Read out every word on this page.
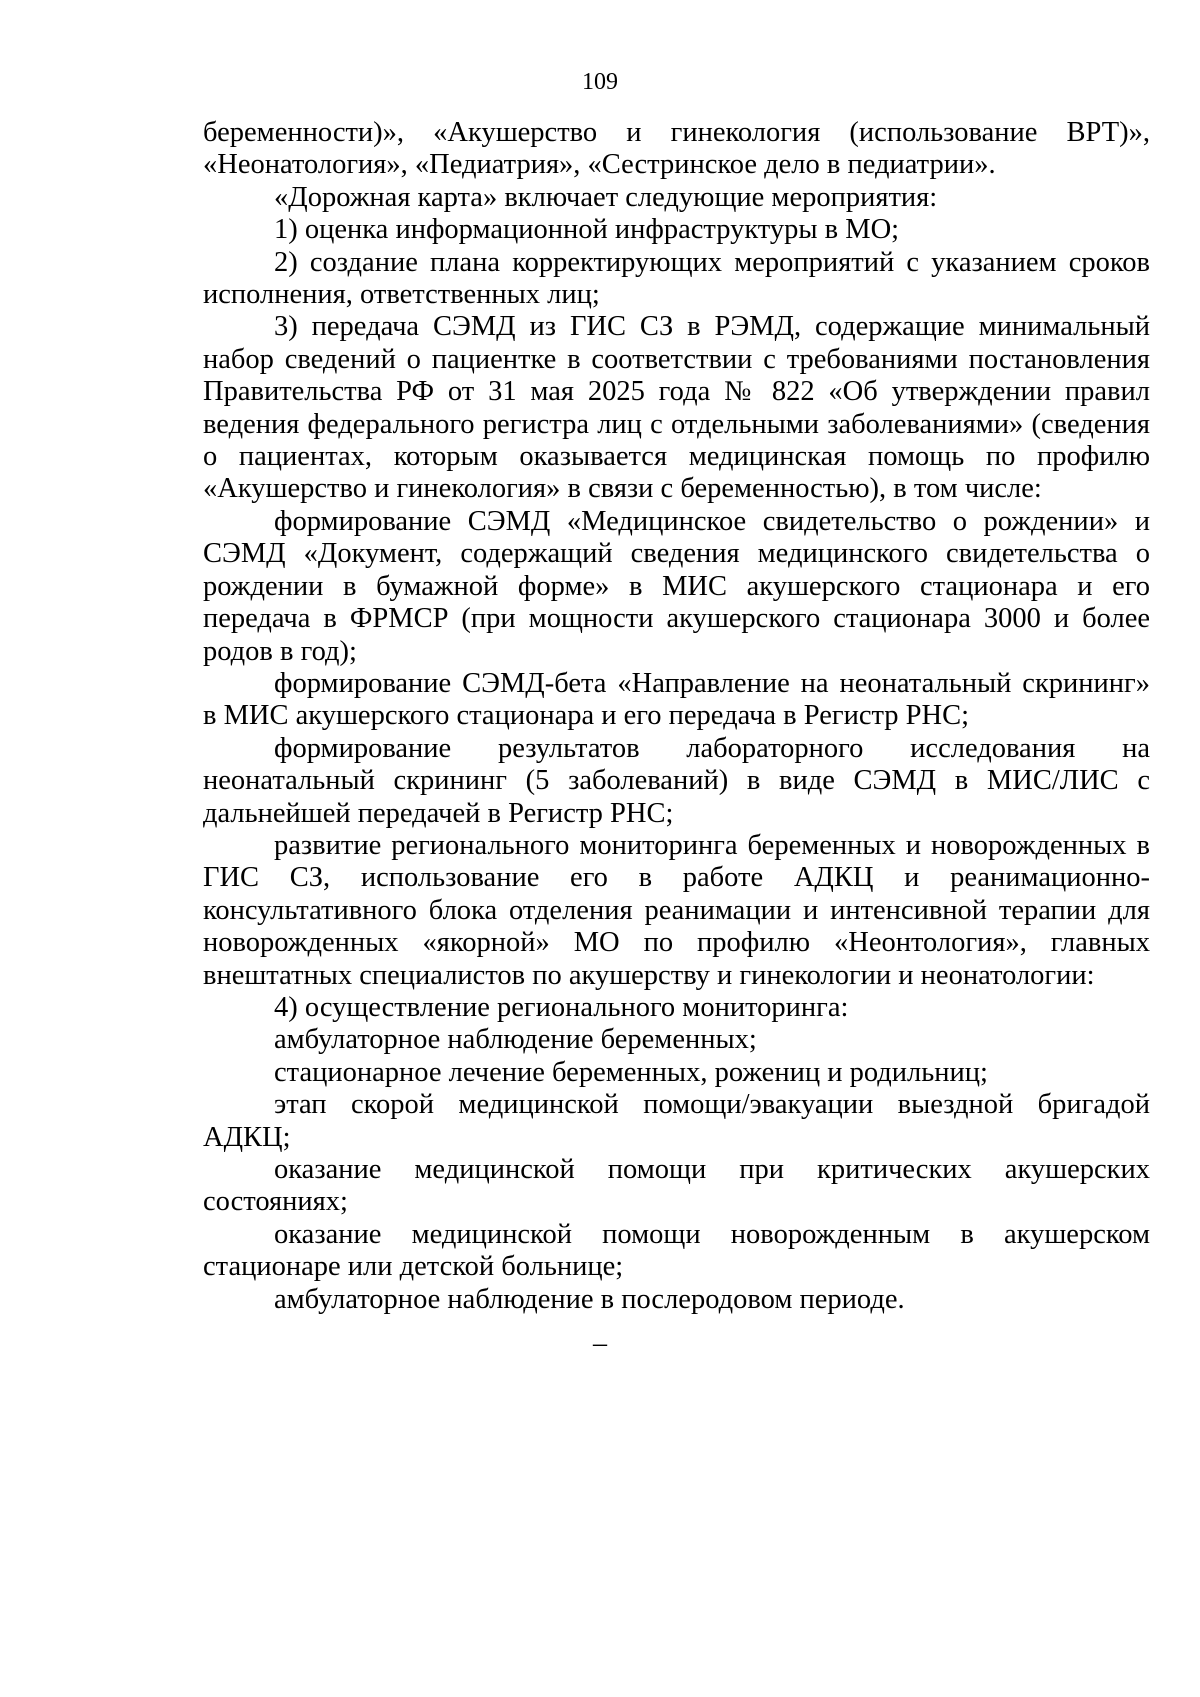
109

беременности)», «Акушерство и гинекология (использование ВРТ)», «Неонатология», «Педиатрия», «Сестринское дело в педиатрии».

«Дорожная карта» включает следующие мероприятия:

1) оценка информационной инфраструктуры в МО;

2) создание плана корректирующих мероприятий с указанием сроков исполнения, ответственных лиц;

3) передача СЭМД из ГИС СЗ в РЭМД, содержащие минимальный набор сведений о пациентке в соответствии с требованиями постановления Правительства РФ от 31 мая 2025 года № 822 «Об утверждении правил ведения федерального регистра лиц с отдельными заболеваниями» (сведения о пациентах, которым оказывается медицинская помощь по профилю «Акушерство и гинекология» в связи с беременностью), в том числе:

формирование СЭМД «Медицинское свидетельство о рождении» и СЭМД «Документ, содержащий сведения медицинского свидетельства о рождении в бумажной форме» в МИС акушерского стационара и его передача в ФРМСР (при мощности акушерского стационара 3000 и более родов в год);

формирование СЭМД-бета «Направление на неонатальный скрининг» в МИС акушерского стационара и его передача в Регистр РНС;

формирование результатов лабораторного исследования на неонатальный скрининг (5 заболеваний) в виде СЭМД в МИС/ЛИС с дальнейшей передачей в Регистр РНС;

развитие регионального мониторинга беременных и новорожденных в ГИС СЗ, использование его в работе АДКЦ и реанимационно-консультативного блока отделения реанимации и интенсивной терапии для новорожденных «якорной» МО по профилю «Неонтология», главных внештатных специалистов по акушерству и гинекологии и неонатологии:

4) осуществление регионального мониторинга:

амбулаторное наблюдение беременных;

стационарное лечение беременных, рожениц и родильниц;

этап скорой медицинской помощи/эвакуации выездной бригадой АДКЦ;

оказание медицинской помощи при критических акушерских состояниях;

оказание медицинской помощи новорожденным в акушерском стационаре или детской больнице;

амбулаторное наблюдение в послеродовом периоде.

–
